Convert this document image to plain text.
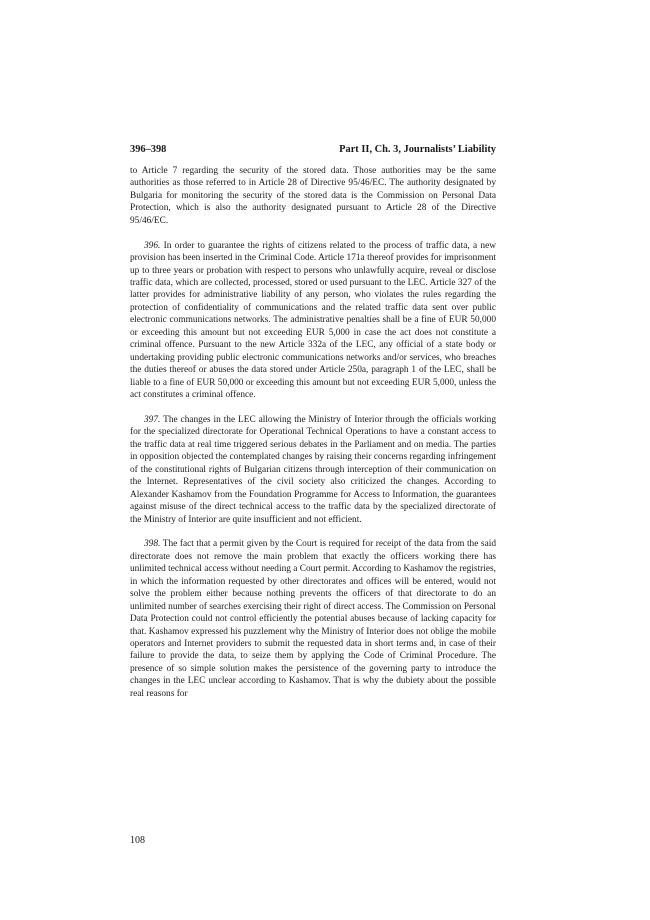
396–398	Part II, Ch. 3, Journalists’ Liability

to Article 7 regarding the security of the stored data. Those authorities may be the same authorities as those referred to in Article 28 of Directive 95/46/EC. The authority designated by Bulgaria for monitoring the security of the stored data is the Commission on Personal Data Protection, which is also the authority designated pursuant to Article 28 of the Directive 95/46/EC.

396. In order to guarantee the rights of citizens related to the process of traffic data, a new provision has been inserted in the Criminal Code. Article 171a thereof provides for imprisonment up to three years or probation with respect to persons who unlawfully acquire, reveal or disclose traffic data, which are collected, processed, stored or used pursuant to the LEC. Article 327 of the latter provides for administrative liability of any person, who violates the rules regarding the protection of confidentiality of communications and the related traffic data sent over public electronic communications networks. The administrative penalties shall be a fine of EUR 50,000 or exceeding this amount but not exceeding EUR 5,000 in case the act does not constitute a criminal offence. Pursuant to the new Article 332a of the LEC, any official of a state body or undertaking providing public electronic communications networks and/or services, who breaches the duties thereof or abuses the data stored under Article 250a, paragraph 1 of the LEC, shall be liable to a fine of EUR 50,000 or exceeding this amount but not exceeding EUR 5,000, unless the act constitutes a criminal offence.

397. The changes in the LEC allowing the Ministry of Interior through the officials working for the specialized directorate for Operational Technical Operations to have a constant access to the traffic data at real time triggered serious debates in the Parliament and on media. The parties in opposition objected the contemplated changes by raising their concerns regarding infringement of the constitutional rights of Bulgarian citizens through interception of their communication on the Internet. Representatives of the civil society also criticized the changes. According to Alexander Kashamov from the Foundation Programme for Access to Information, the guarantees against misuse of the direct technical access to the traffic data by the specialized directorate of the Ministry of Interior are quite insufficient and not efficient.

398. The fact that a permit given by the Court is required for receipt of the data from the said directorate does not remove the main problem that exactly the officers working there has unlimited technical access without needing a Court permit. According to Kashamov the registries, in which the information requested by other directorates and offices will be entered, would not solve the problem either because nothing prevents the officers of that directorate to do an unlimited number of searches exercising their right of direct access. The Commission on Personal Data Protection could not control efficiently the potential abuses because of lacking capacity for that. Kashamov expressed his puzzlement why the Ministry of Interior does not oblige the mobile operators and Internet providers to submit the requested data in short terms and, in case of their failure to provide the data, to seize them by applying the Code of Criminal Procedure. The presence of so simple solution makes the persistence of the governing party to introduce the changes in the LEC unclear according to Kashamov. That is why the dubiety about the possible real reasons for

108
